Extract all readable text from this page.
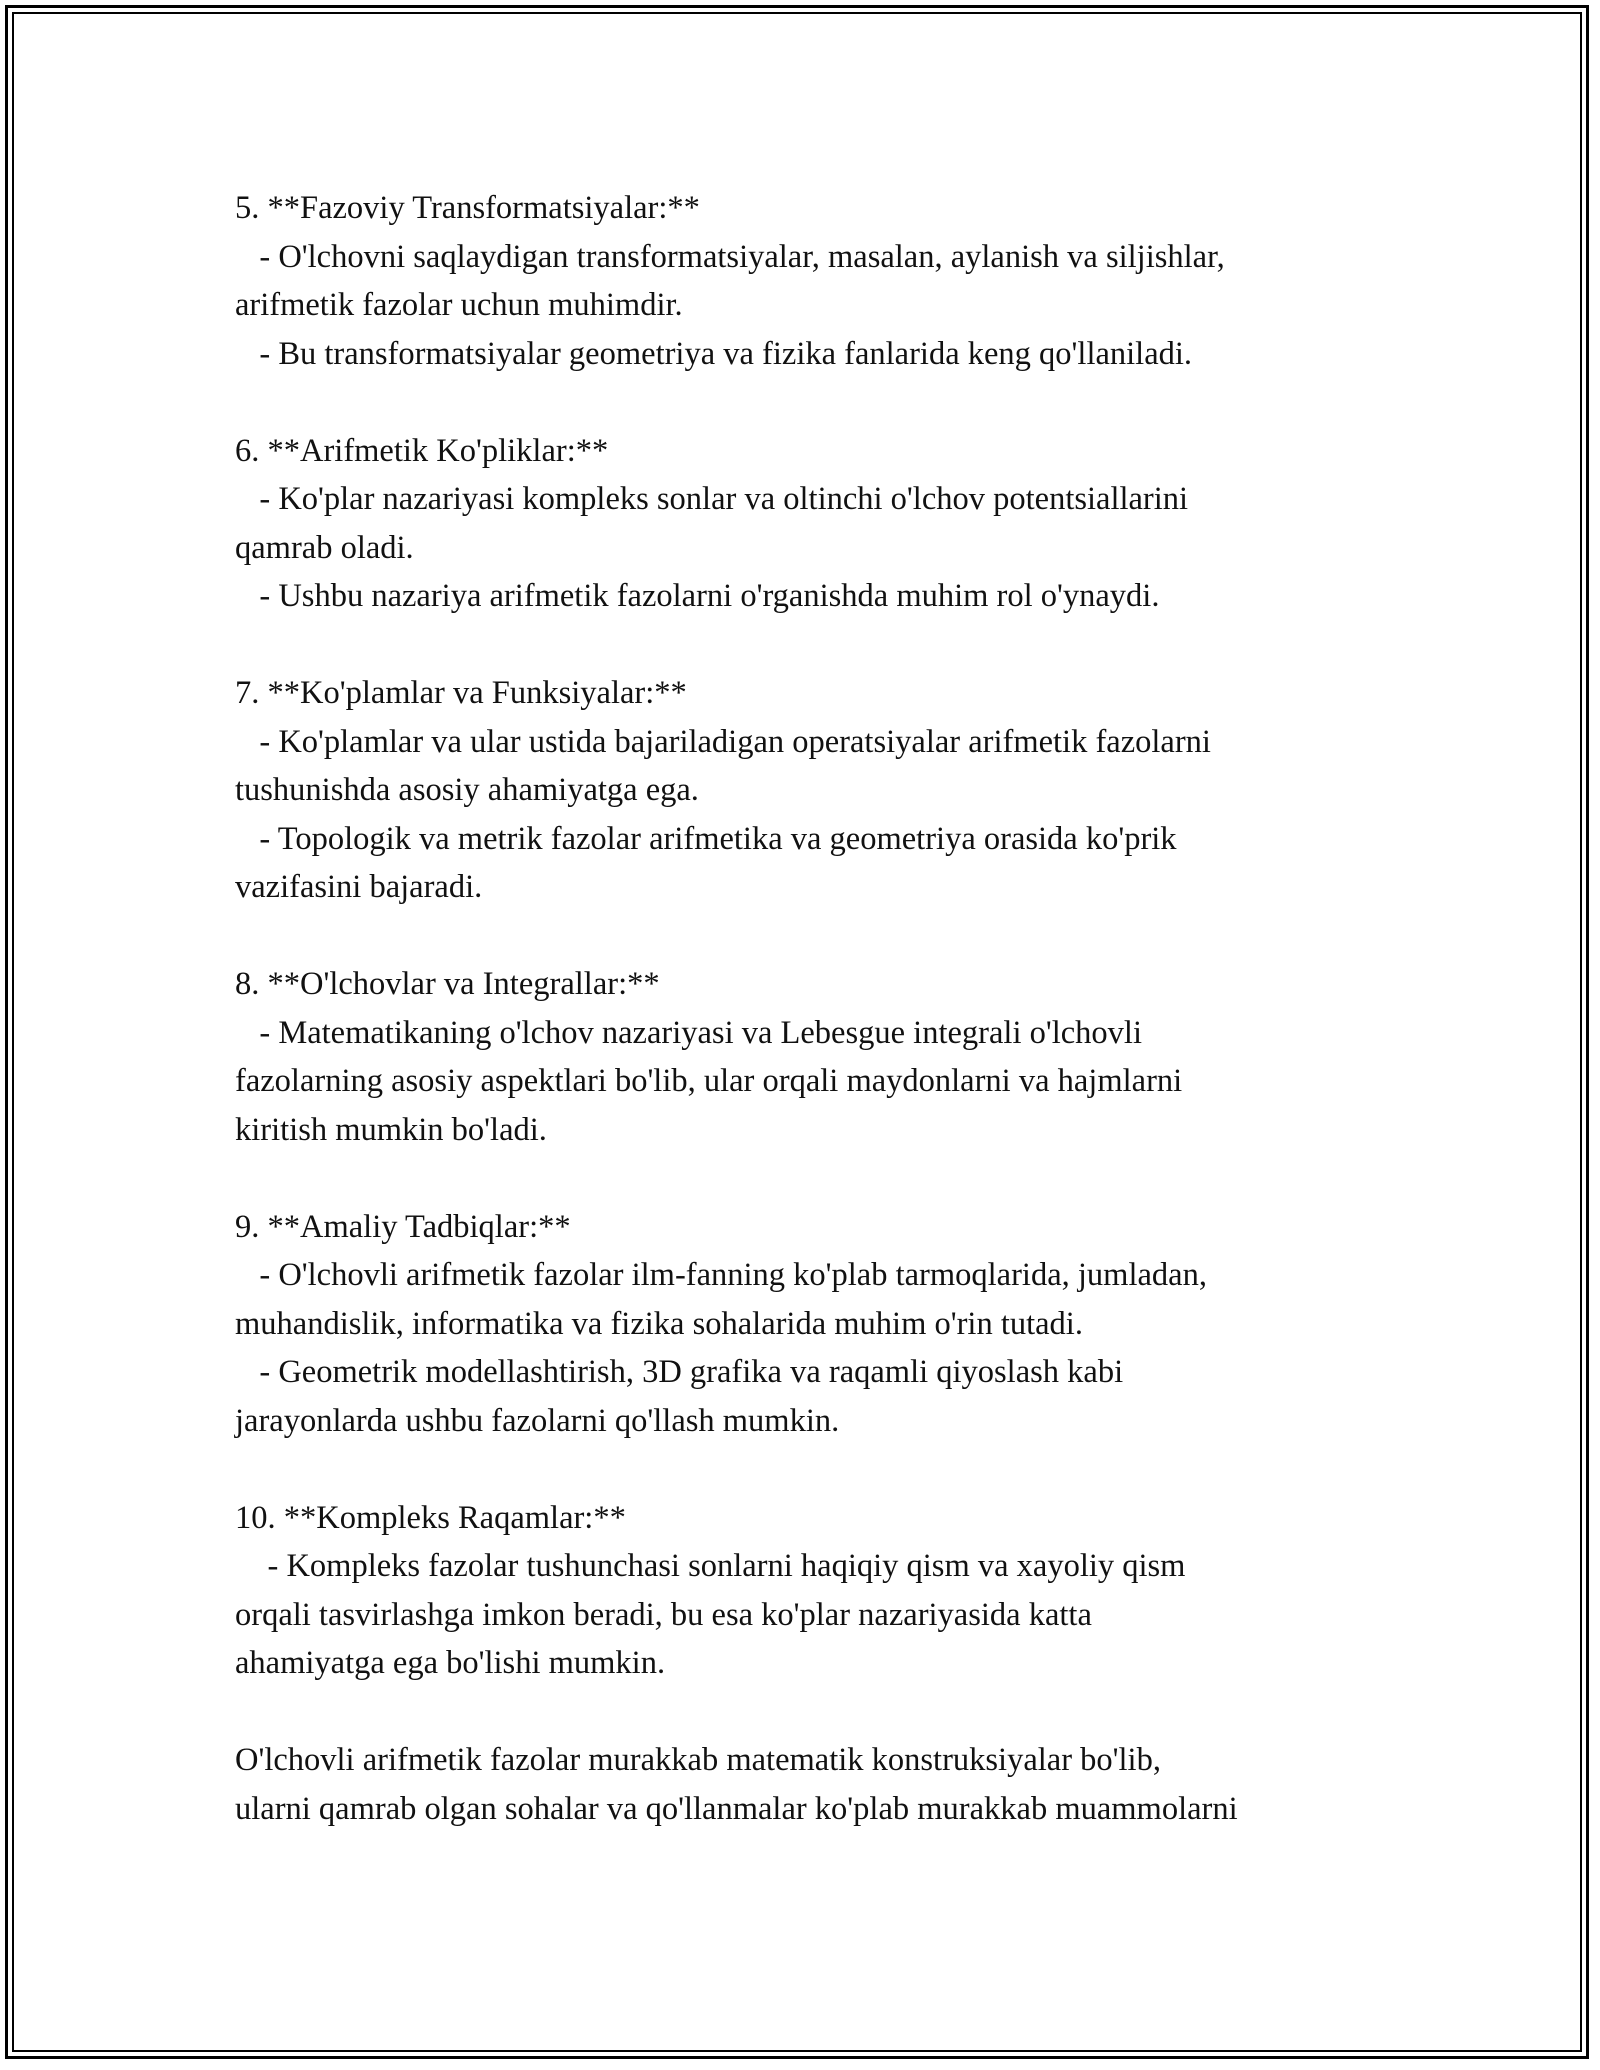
5. **Fazoviy Transformatsiyalar:**
- O'lchovni saqlaydigan transformatsiyalar, masalan, aylanish va siljishlar,
arifmetik fazolar uchun muhimdir.
- Bu transformatsiyalar geometriya va fizika fanlarida keng qo'llaniladi.
6. **Arifmetik Ko'pliklar:**
- Ko'plar nazariyasi kompleks sonlar va oltinchi o'lchov potentsiallarini
qamrab oladi.
- Ushbu nazariya arifmetik fazolarni o'rganishda muhim rol o'ynaydi.
7. **Ko'plamlar va Funksiyalar:**
- Ko'plamlar va ular ustida bajariladigan operatsiyalar arifmetik fazolarni
tushunishda asosiy ahamiyatga ega.
- Topologik va metrik fazolar arifmetika va geometriya orasida ko'prik
vazifasini bajaradi.
8. **O'lchovlar va Integrallar:**
- Matematikaning o'lchov nazariyasi va Lebesgue integrali o'lchovli
fazolarning asosiy aspektlari bo'lib, ular orqali maydonlarni va hajmlarni
kiritish mumkin bo'ladi.
9. **Amaliy Tadbiqlar:**
- O'lchovli arifmetik fazolar ilm-fanning ko'plab tarmoqlarida, jumladan,
muhandislik, informatika va fizika sohalarida muhim o'rin tutadi.
- Geometrik modellashtirish, 3D grafika va raqamli qiyoslash kabi
jarayonlarda ushbu fazolarni qo'llash mumkin.
10. **Kompleks Raqamlar:**
- Kompleks fazolar tushunchasi sonlarni haqiqiy qism va xayoliy qism
orqali tasvirlashga imkon beradi, bu esa ko'plar nazariyasida katta
ahamiyatga ega bo'lishi mumkin.
O'lchovli arifmetik fazolar murakkab matematik konstruksiyalar bo'lib,
ularni qamrab olgan sohalar va qo'llanmalar ko'plab murakkab muammolarni
